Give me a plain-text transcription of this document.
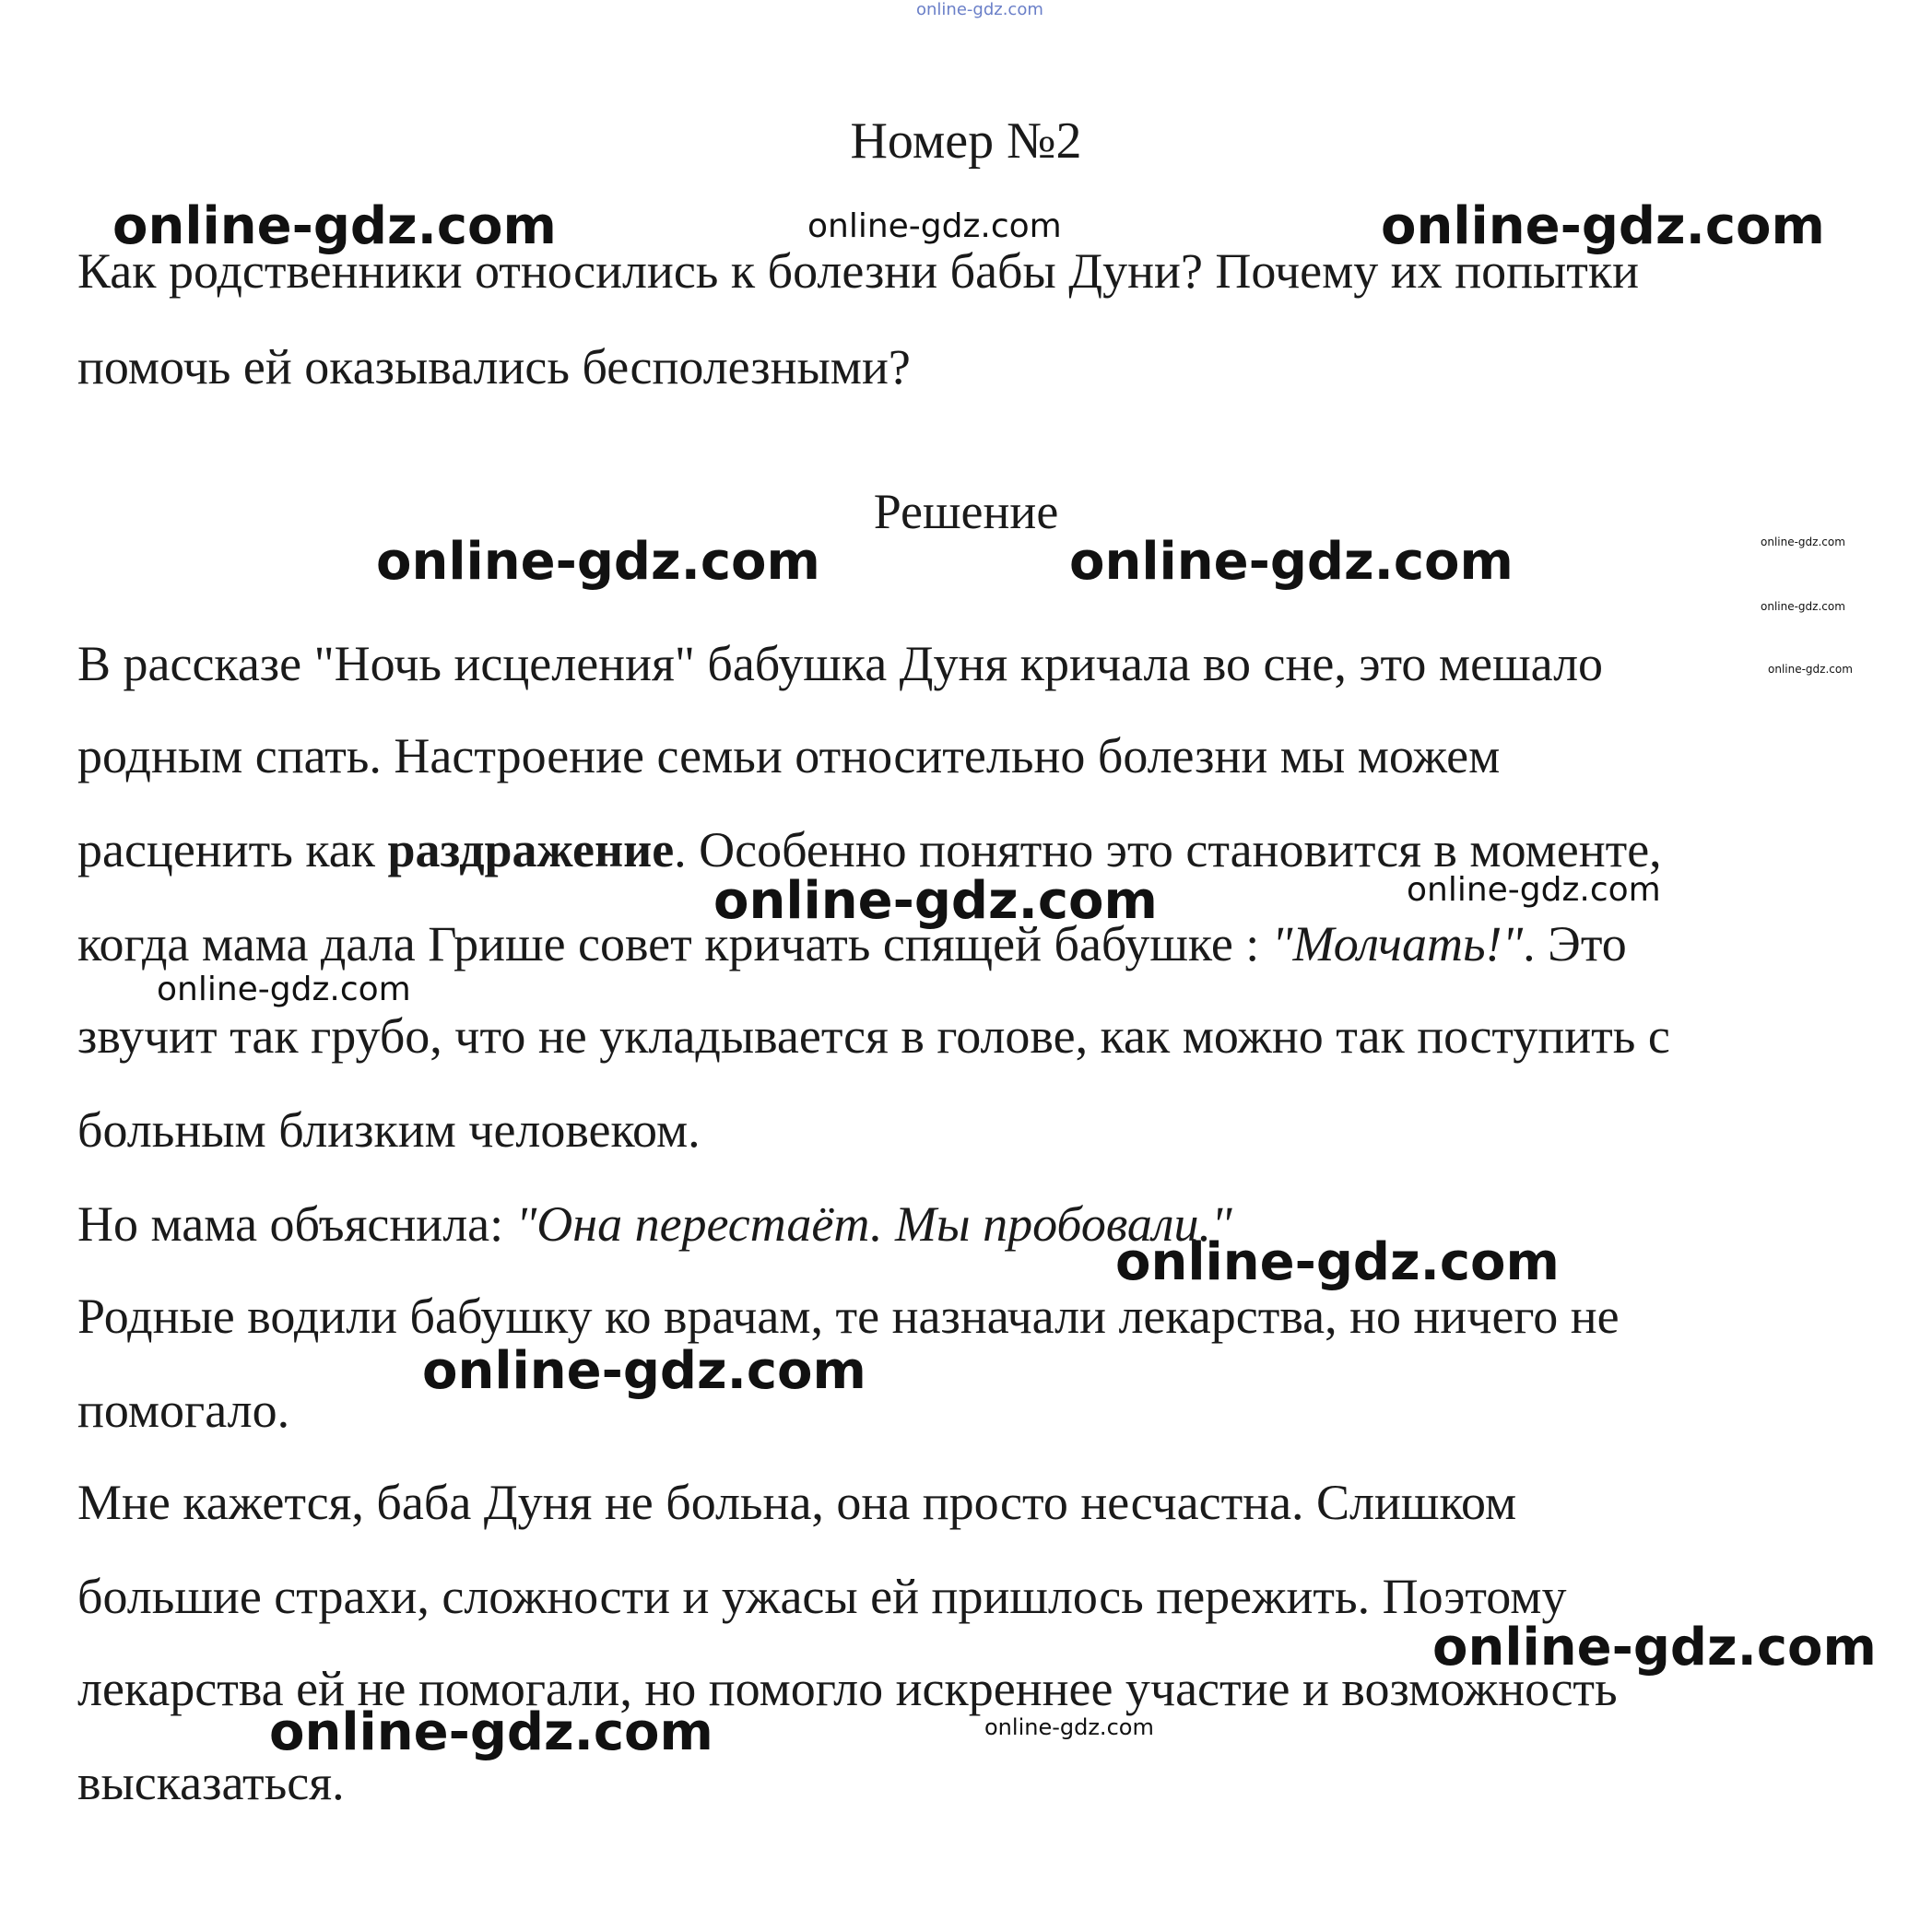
online-gdz.com
Номер №2
online-gdz.com	online-gdz.com	online-gdz.com
Как родственники относились к болезни бабы Дуни? Почему их попытки
помочь ей оказывались бесполезными?
Решение
online-gdz.com	online-gdz.com	online-gdz.com
online-gdz.com
online-gdz.com
В рассказе "Ночь исцеления" бабушка Дуня кричала во сне, это мешало
родным спать. Настроение семьи относительно болезни мы можем
расценить как раздражение. Особенно понятно это становится в моменте,
online-gdz.com	online-gdz.com
когда мама дала Грише совет кричать спящей бабушке : "Молчать!". Это
online-gdz.com
звучит так грубо, что не укладывается в голове, как можно так поступить с
больным близким человеком.
Но мама объяснила: "Она перестаёт. Мы пробовали."
online-gdz.com
Родные водили бабушку ко врачам, те назначали лекарства, но ничего не
online-gdz.com
помогало.
Мне кажется, баба Дуня не больна, она просто несчастна. Слишком
большие страхи, сложности и ужасы ей пришлось пережить. Поэтому
online-gdz.com
лекарства ей не помогали, но помогло искреннее участие и возможность
online-gdz.com	online-gdz.com
высказаться.
